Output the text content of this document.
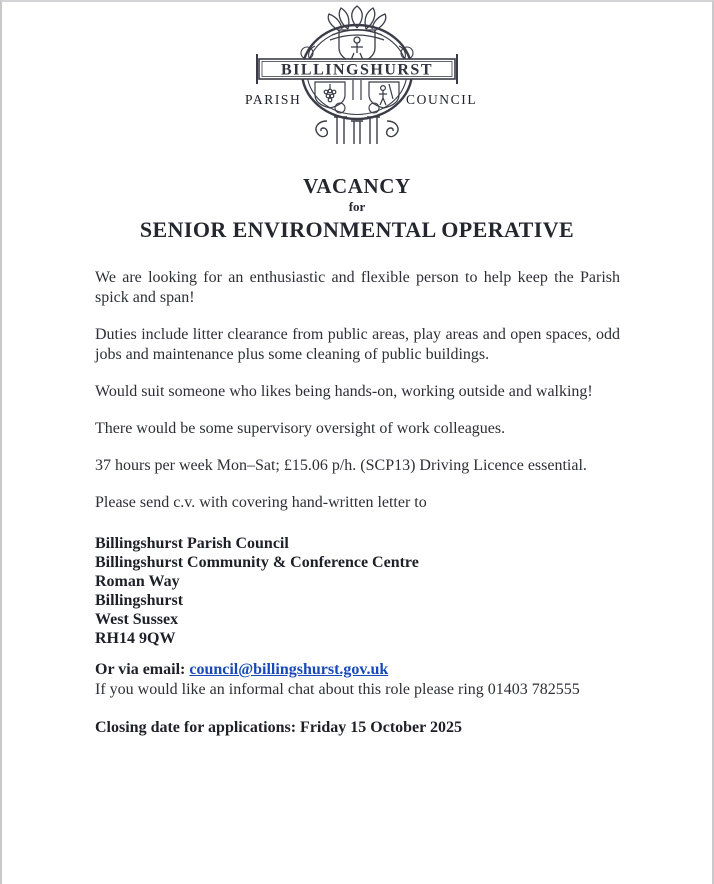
BILLINGSHURST
PARISH	COUNCIL
VACANCY
for
SENIOR ENVIRONMENTAL OPERATIVE

We are looking for an enthusiastic and flexible person to help keep the Parish spick and span!

Duties include litter clearance from public areas, play areas and open spaces, odd jobs and maintenance plus some cleaning of public buildings.

Would suit someone who likes being hands-on, working outside and walking!

There would be some supervisory oversight of work colleagues.

37 hours per week Mon–Sat; £15.06 p/h. (SCP13) Driving Licence essential.

Please send c.v. with covering hand-written letter to

Billingshurst Parish Council
Billingshurst Community & Conference Centre
Roman Way
Billingshurst
West Sussex
RH14 9QW
Or via email: council@billingshurst.gov.uk

If you would like an informal chat about this role please ring 01403 782555

Closing date for applications: Friday 15 October 2025
